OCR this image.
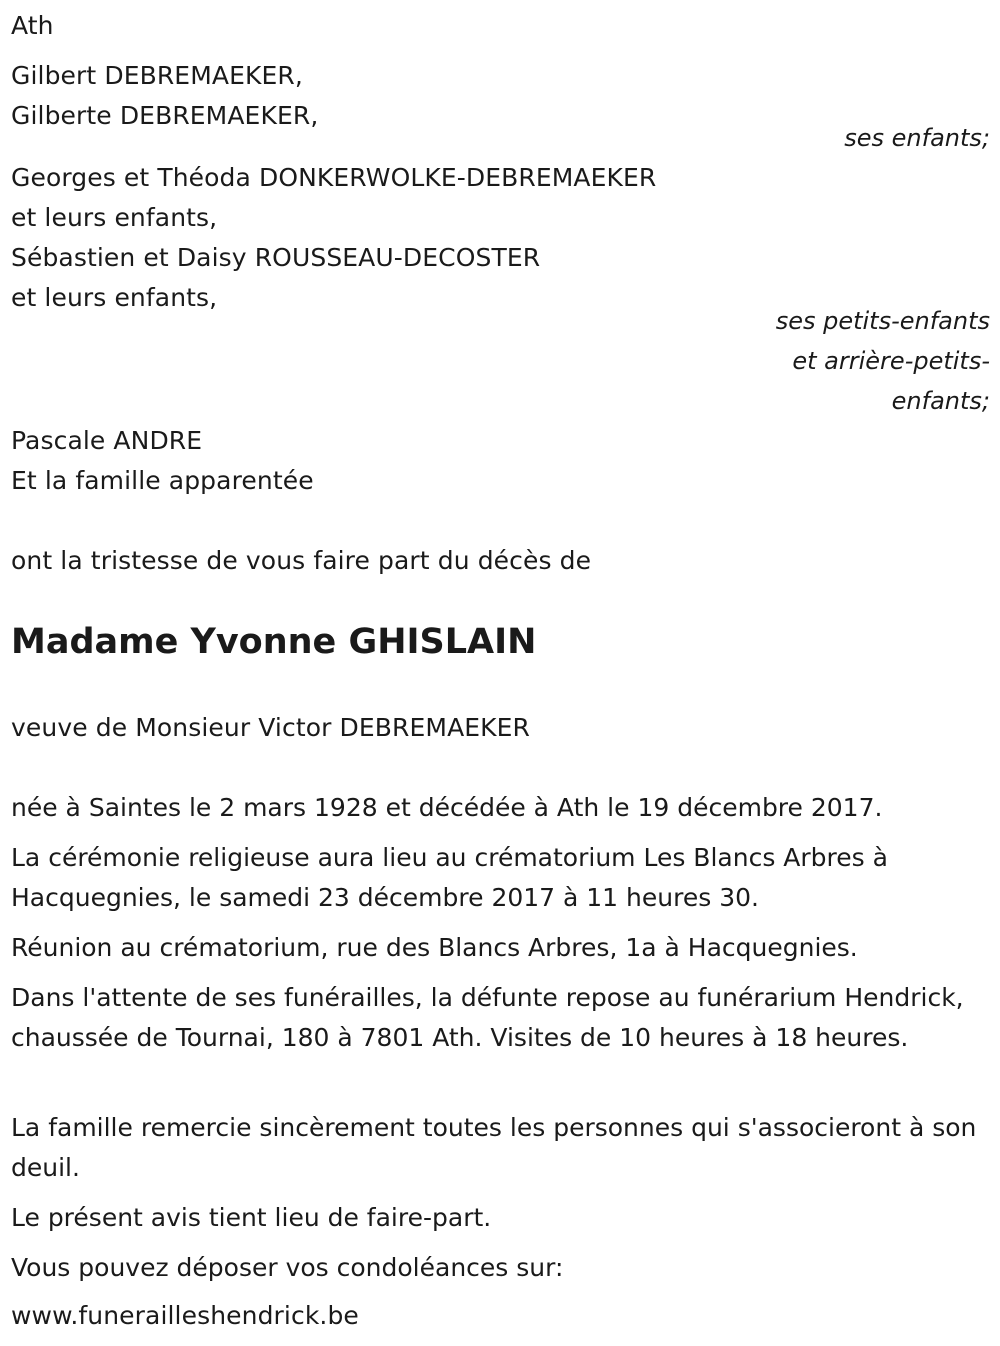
Ath
Gilbert DEBREMAEKER,
Gilberte DEBREMAEKER,
ses enfants;
Georges et Théoda DONKERWOLKE-DEBREMAEKER
et leurs enfants,
Sébastien et Daisy ROUSSEAU-DECOSTER
et leurs enfants,
ses petits-enfants
et arrière-petits-
enfants;
Pascale ANDRE
Et la famille apparentée
ont la tristesse de vous faire part du décès de
Madame Yvonne GHISLAIN
veuve de Monsieur Victor DEBREMAEKER
née à Saintes le 2 mars 1928 et décédée à Ath le 19 décembre 2017.
La cérémonie religieuse aura lieu au crématorium Les Blancs Arbres à Hacquegnies, le samedi 23 décembre 2017 à 11 heures 30.
Réunion au crématorium, rue des Blancs Arbres, 1a à Hacquegnies.
Dans l'attente de ses funérailles, la défunte repose au funérarium Hendrick, chaussée de Tournai, 180 à 7801 Ath. Visites de 10 heures à 18 heures.
La famille remercie sincèrement toutes les personnes qui s'associeront à son deuil.
Le présent avis tient lieu de faire-part.
Vous pouvez déposer vos condoléances sur:
www.funerailleshendrick.be
